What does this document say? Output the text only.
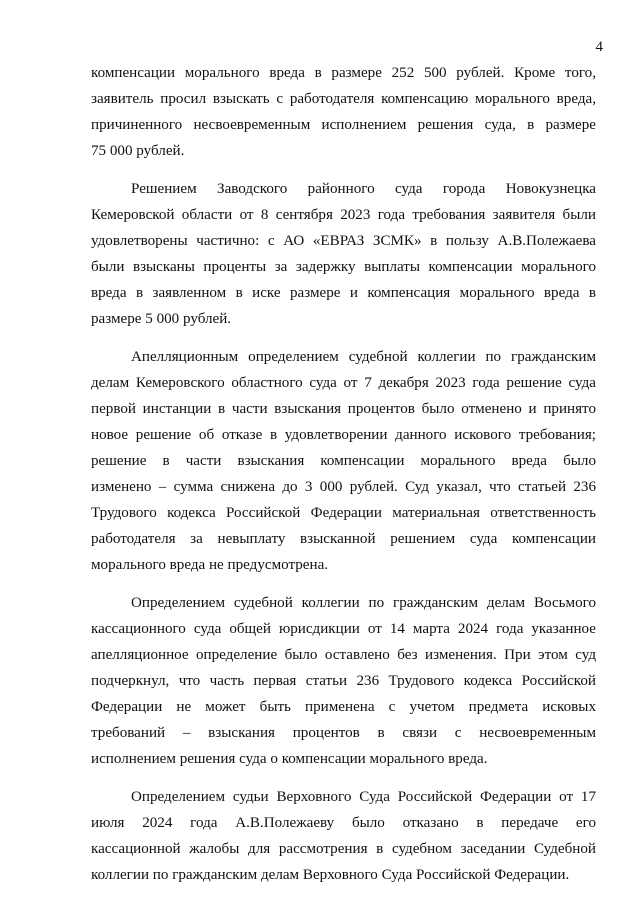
4

компенсации морального вреда в размере 252 500 рублей. Кроме того,
заявитель просил взыскать с работодателя компенсацию морального вреда,
причиненного несвоевременным исполнением решения суда, в размере
75 000 рублей.

Решением Заводского районного суда города Новокузнецка
Кемеровской области от 8 сентября 2023 года требования заявителя были
удовлетворены частично: с АО «ЕВРАЗ ЗСМК» в пользу А.В.Полежаева
были взысканы проценты за задержку выплаты компенсации морального
вреда в заявленном в иске размере и компенсация морального вреда в
размере 5 000 рублей.

Апелляционным определением судебной коллегии по гражданским
делам Кемеровского областного суда от 7 декабря 2023 года решение суда
первой инстанции в части взыскания процентов было отменено и принято
новое решение об отказе в удовлетворении данного искового требования;
решение в части взыскания компенсации морального вреда было
изменено – сумма снижена до 3 000 рублей. Суд указал, что статьей 236
Трудового кодекса Российской Федерации материальная ответственность
работодателя за невыплату взысканной решением суда компенсации
морального вреда не предусмотрена.

Определением судебной коллегии по гражданским делам Восьмого
кассационного суда общей юрисдикции от 14 марта 2024 года указанное
апелляционное определение было оставлено без изменения. При этом суд
подчеркнул, что часть первая статьи 236 Трудового кодекса Российской
Федерации не может быть применена с учетом предмета исковых
требований – взыскания процентов в связи с несвоевременным
исполнением решения суда о компенсации морального вреда.

Определением судьи Верховного Суда Российской Федерации от 17
июля 2024 года А.В.Полежаеву было отказано в передаче его
кассационной жалобы для рассмотрения в судебном заседании Судебной
коллегии по гражданским делам Верховного Суда Российской Федерации.
